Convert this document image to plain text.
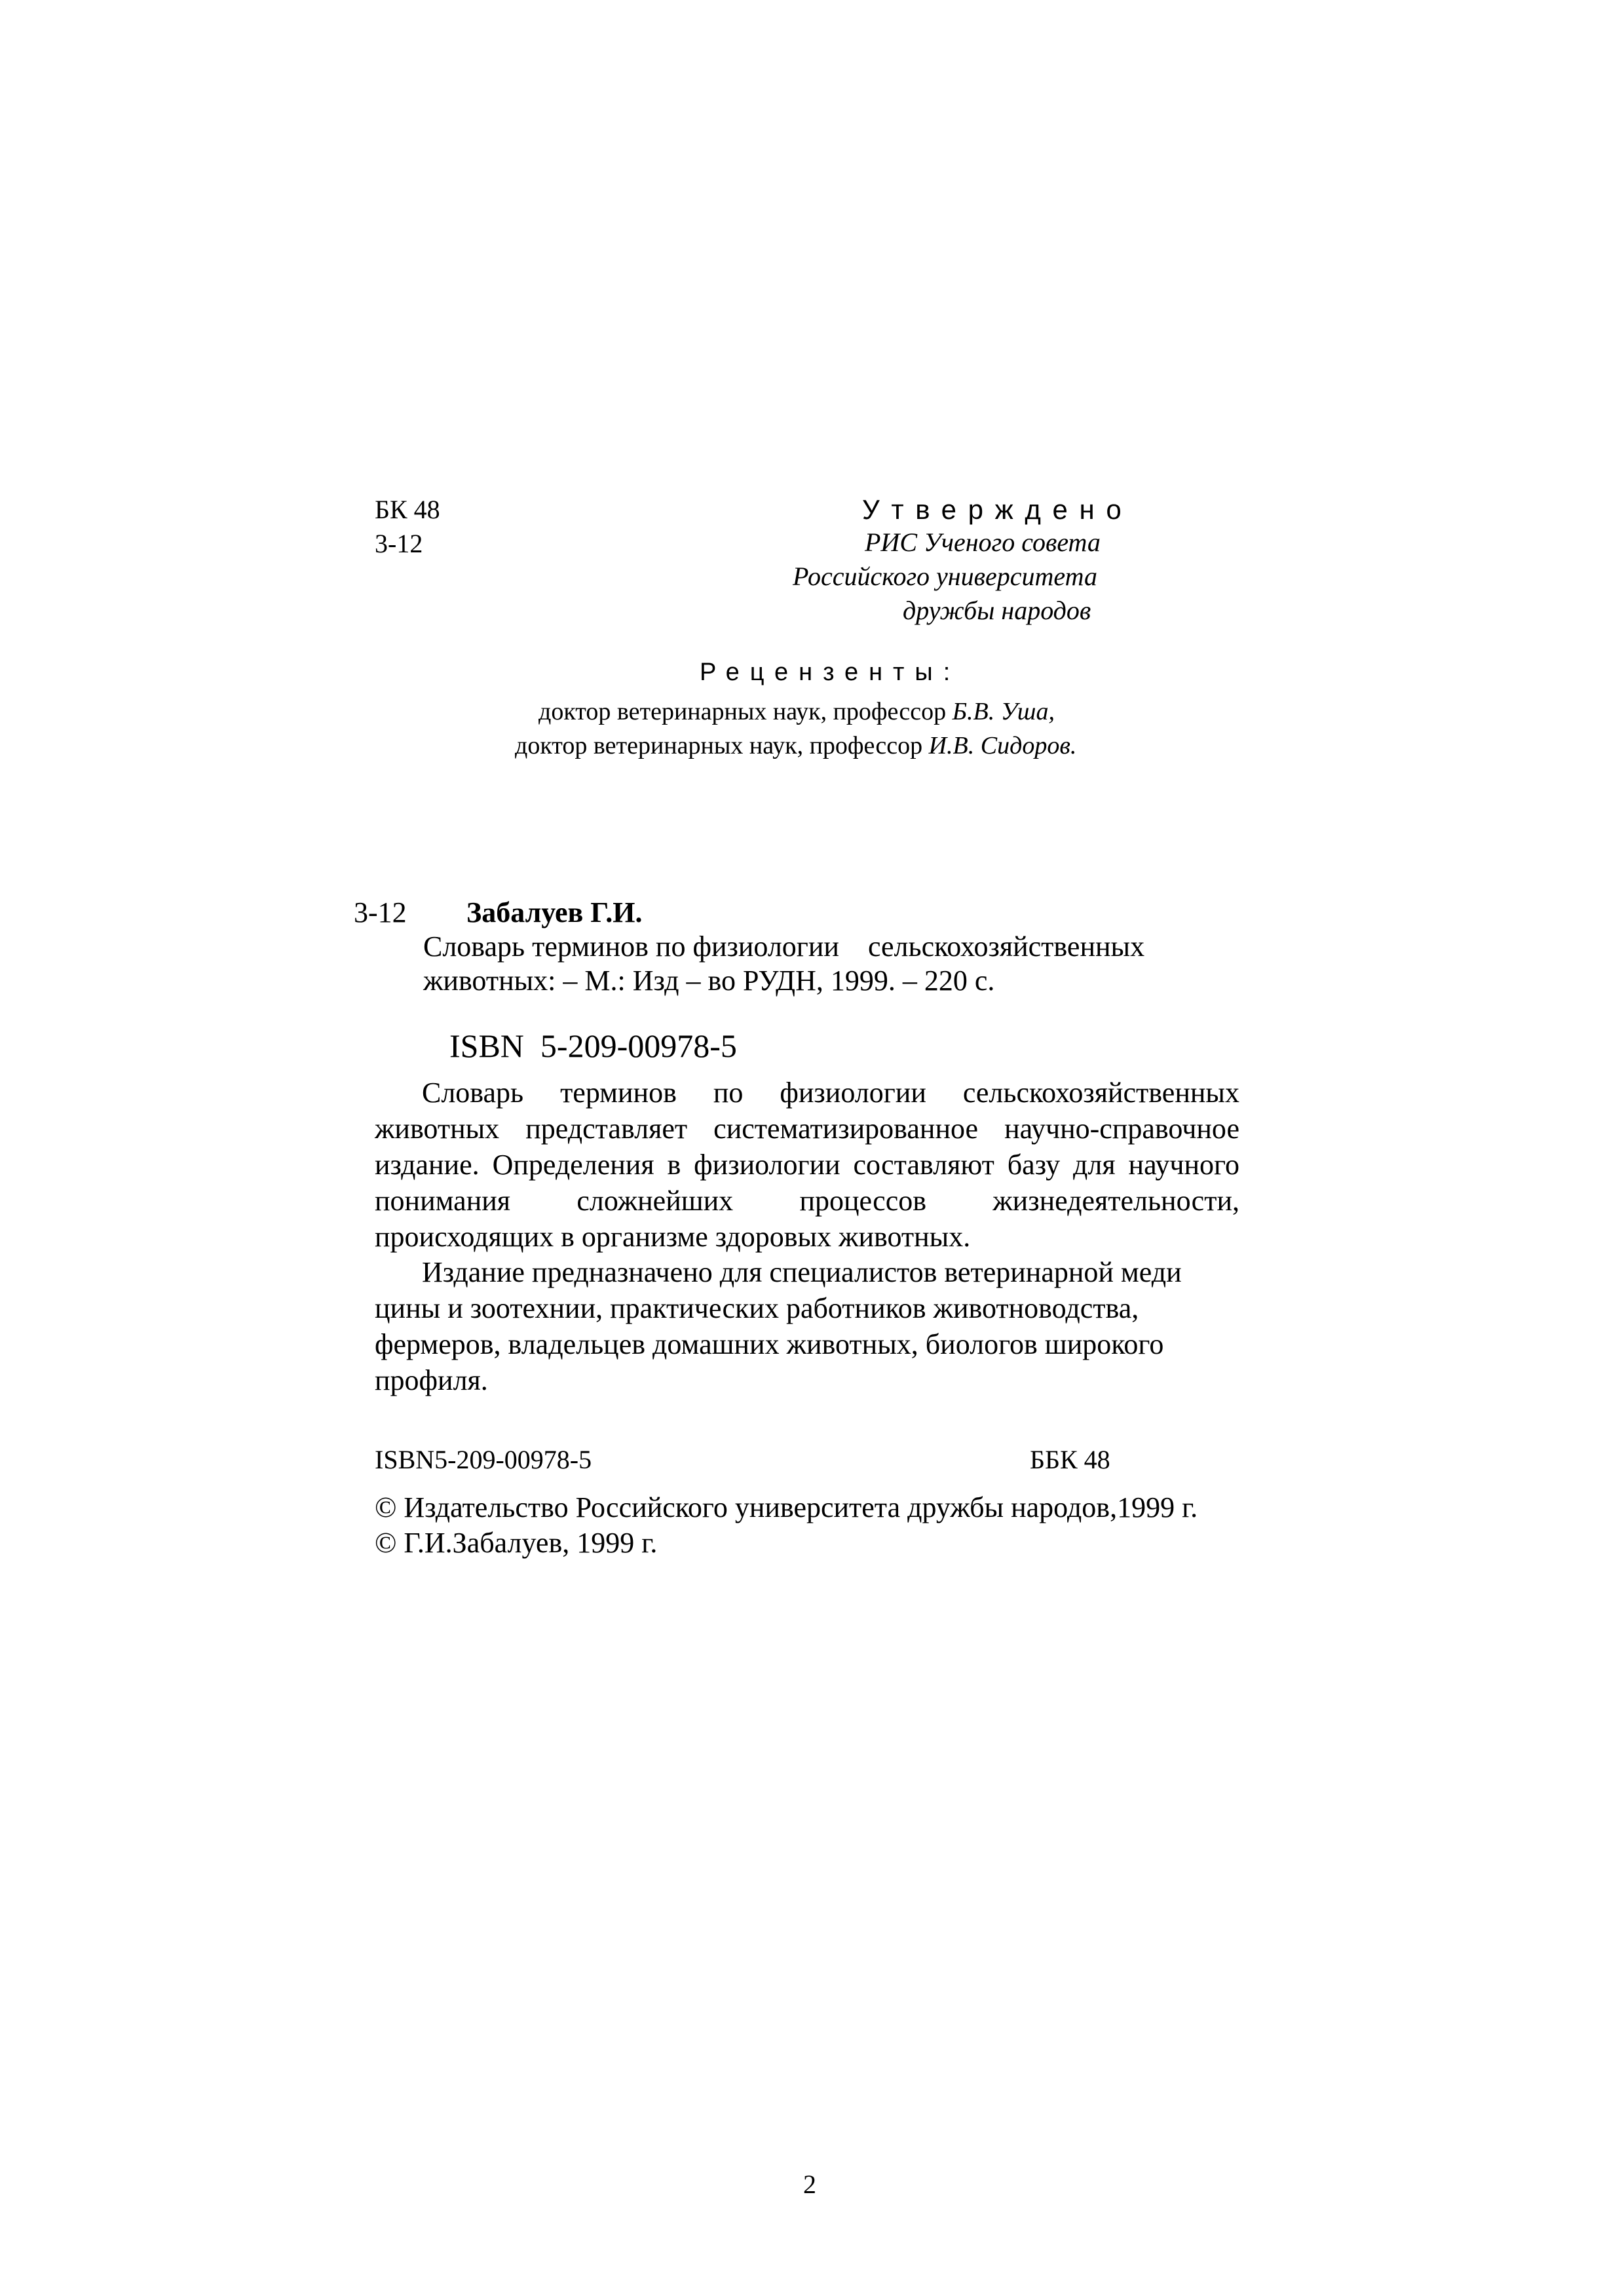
БК 48
3-12
Утверждено
РИС Ученого совета
Российского университета
дружбы народов
Рецензенты:
доктор ветеринарных наук, профессор Б.В. Уша,
доктор ветеринарных наук, профессор И.В. Сидоров.
3-12 Забалуев Г.И.
Словарь терминов по физиологии    сельскохозяйственных
животных: – М.: Изд – во РУДН, 1999. – 220 с.
ISBN  5-209-00978-5
Словарь терминов по физиологии сельскохозяйственных
животных представляет систематизированное научно-справочное
издание. Определения в физиологии составляют базу для научного
понимания сложнейших процессов жизнедеятельности,
происходящих в организме здоровых животных.
Издание предназначено для специалистов ветеринарной меди
цины и зоотехнии, практических работников животноводства,
фермеров, владельцев домашних животных, биологов широкого
профиля.
ISBN5-209-00978-5	ББК 48
© Издательство Российского университета дружбы народов,1999 г.
© Г.И.Забалуев, 1999 г.
2
